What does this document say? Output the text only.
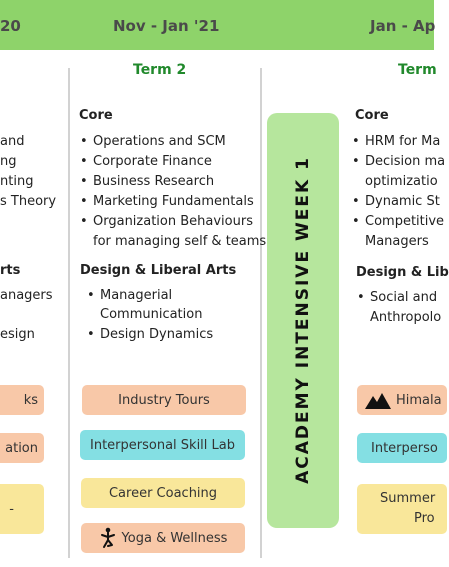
20	Nov - Jan '21	Jan - Ap
Term 2	Term
and
ng
nting
s Theory
rts
anagers
esign
ks
ation
-
Core
• Operations and SCM
• Corporate Finance
• Business Research
• Marketing Fundamentals
• Organization Behaviours
for managing self & teams
Design & Liberal Arts
• Managerial
Communication
• Design Dynamics
Industry Tours
Interpersonal Skill Lab
Career Coaching
Yoga & Wellness
ACADEMY INTENSIVE WEEK 1
Core
• HRM for Ma
• Decision ma
optimizatio
• Dynamic St
• Competitive
Managers
Design & Lib
• Social and
Anthropolo
Himala
Interperso
Summer
Pro
